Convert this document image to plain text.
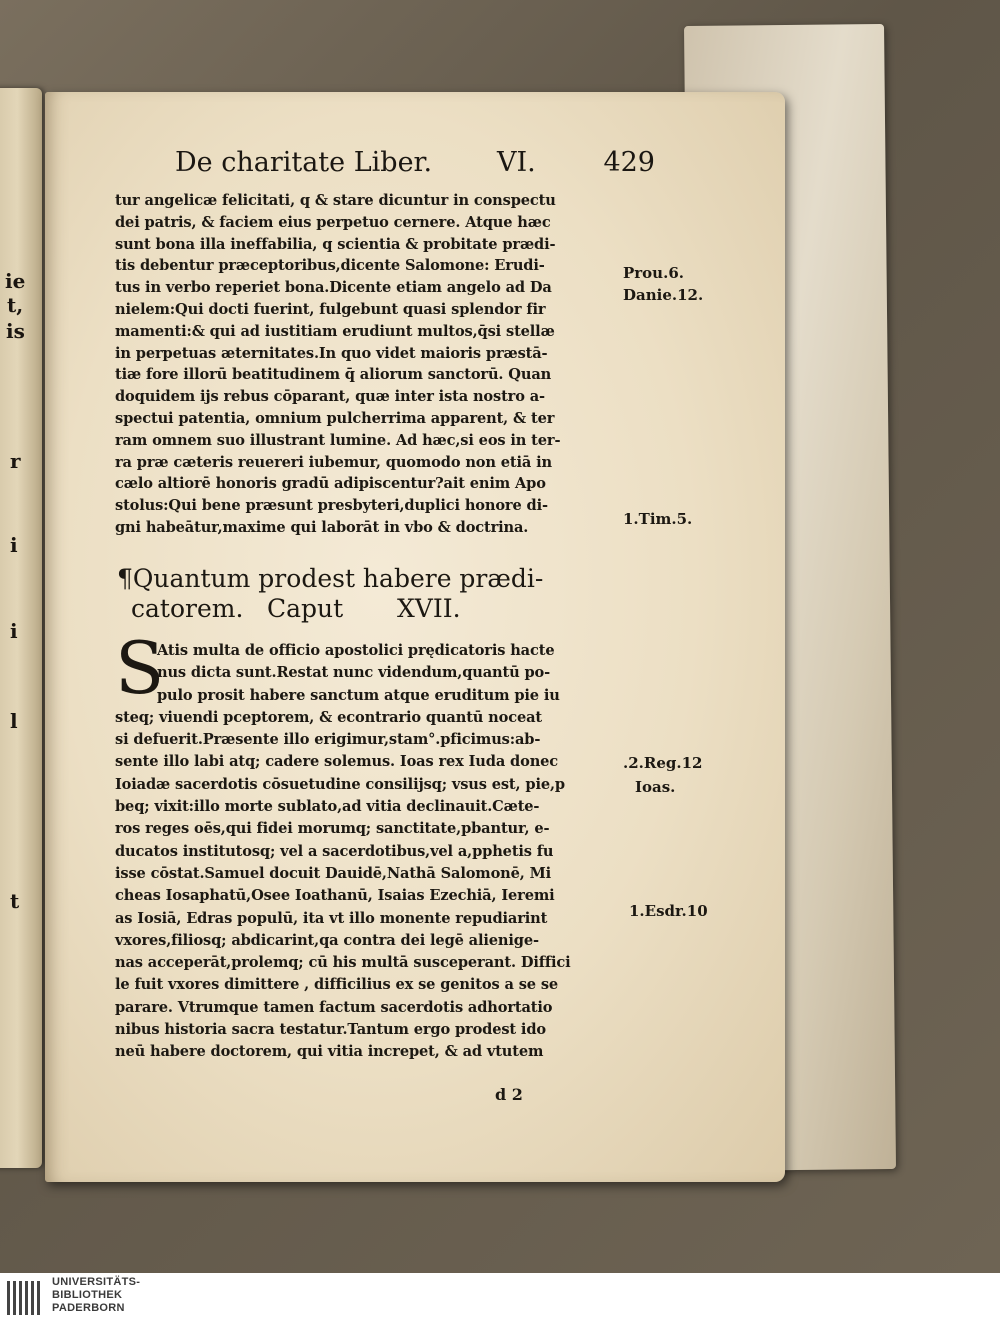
ie
t,
is
r
i
i
l
t
De charitate Liber. VI.	429
tur angelicæ felicitati, q & stare dicuntur in conspectu
dei patris, & faciem eius perpetuo cernere. Atque hæc
sunt bona illa ineffabilia, q scientia & probitate prædi-
tis debentur præceptoribus,dicente Salomone: Erudi-
tus in verbo reperiet bona.Dicente etiam angelo ad Da
nielem:Qui docti fuerint, fulgebunt quasi splendor fir
mamenti:& qui ad iustitiam erudiunt multos,q̄si stellæ
in perpetuas æternitates.In quo videt maioris præstā-
tiæ fore illorū beatitudinem q̄ aliorum sanctorū. Quan
doquidem ijs rebus cōparant, quæ inter ista nostro a-
spectui patentia, omnium pulcherrima apparent, & ter
ram omnem suo illustrant lumine. Ad hæc,si eos in ter-
ra præ cæteris reuereri iubemur, quomodo non etiā in
cælo altiorē honoris gradū adipiscentur?ait enim Apo
stolus:Qui bene præsunt presbyteri,duplici honore di-
gni habeātur,maxime qui laborāt in vbo & doctrina.
¶Quantum prodest habere prædi-
catorem. Caput XVII.
S
Atis multa de officio apostolici prędicatoris hacte
nus dicta sunt.Restat nunc videndum,quantū po-
pulo prosit habere sanctum atque eruditum pie iu
steq; viuendi pceptorem, & econtrario quantū noceat
si defuerit.Præsente illo erigimur,stam°.pficimus:ab-
sente illo labi atq; cadere solemus. Ioas rex Iuda donec
Ioiadæ sacerdotis cōsuetudine consilijsq; vsus est, pie,p
beq; vixit:illo morte sublato,ad vitia declinauit.Cæte-
ros reges oēs,qui fidei morumq; sanctitate,pbantur, e-
ducatos institutosq; vel a sacerdotibus,vel a,pphetis fu
isse cōstat.Samuel docuit Dauidē,Nathā Salomonē, Mi
cheas Iosaphatū,Osee Ioathanū, Isaias Ezechiā, Ieremi
as Iosiā, Edras populū, ita vt illo monente repudiarint
vxores,filiosq; abdicarint,qa contra dei legē alienige-
nas acceperāt,prolemq; cū his multā susceperant. Diffici
le fuit vxores dimittere , difficilius ex se genitos a se se
parare. Vtrumque tamen factum sacerdotis adhortatio
nibus historia sacra testatur.Tantum ergo prodest ido
neū habere doctorem, qui vitia increpet, & ad vtutem
Prou.6.
Danie.12.
1.Tim.5.
.2.Reg.12
Ioas.
1.Esdr.10
d 2
UNIVERSITÄTS-
BIBLIOTHEK
PADERBORN
